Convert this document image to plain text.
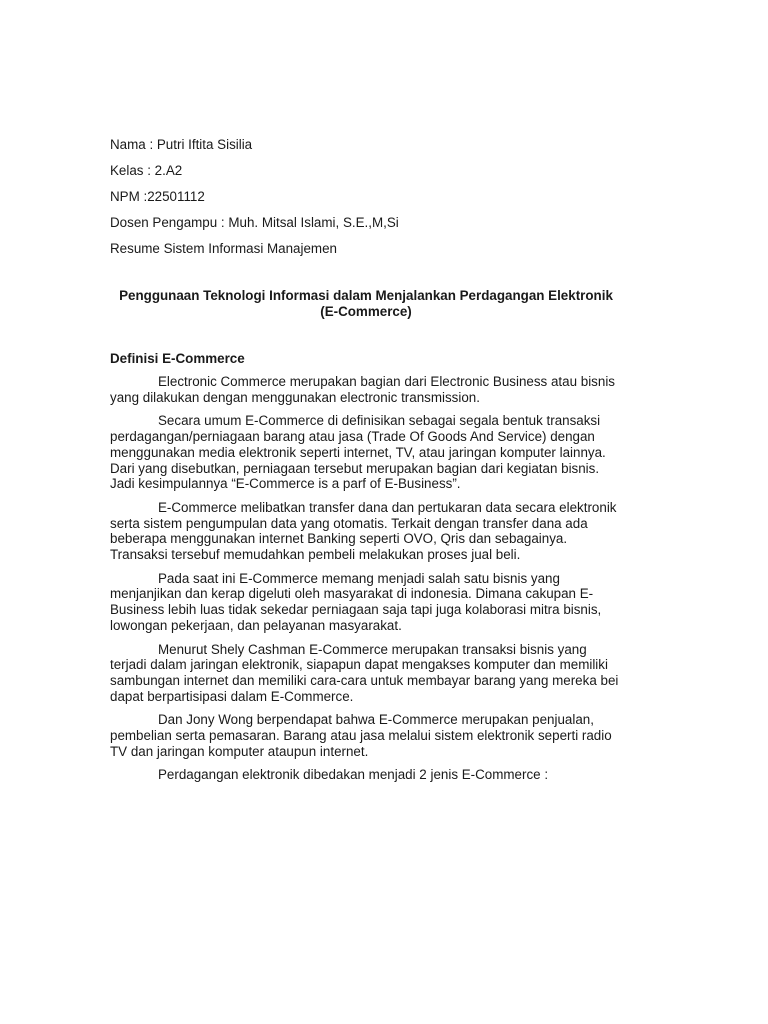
Nama : Putri Iftita Sisilia
Kelas : 2.A2
NPM :22501112
Dosen Pengampu : Muh. Mitsal Islami, S.E.,M,Si
Resume Sistem Informasi Manajemen
Penggunaan Teknologi Informasi dalam Menjalankan Perdagangan Elektronik (E-Commerce)
Definisi E-Commerce

Electronic Commerce merupakan bagian dari Electronic Business atau bisnis yang dilakukan dengan menggunakan electronic transmission.

Secara umum E-Commerce di definisikan sebagai segala bentuk transaksi perdagangan/perniagaan barang atau jasa (Trade Of Goods And Service) dengan menggunakan media elektronik seperti internet, TV, atau jaringan komputer lainnya. Dari yang disebutkan, perniagaan tersebut merupakan bagian dari kegiatan bisnis. Jadi kesimpulannya “E-Commerce is a parf of E-Business”.

E-Commerce melibatkan transfer dana dan pertukaran data secara elektronik serta sistem pengumpulan data yang otomatis. Terkait dengan transfer dana ada beberapa menggunakan internet Banking seperti OVO, Qris dan sebagainya. Transaksi tersebuf memudahkan pembeli melakukan proses jual beli.

Pada saat ini E-Commerce memang menjadi salah satu bisnis yang menjanjikan dan kerap digeluti oleh masyarakat di indonesia. Dimana cakupan E-Business lebih luas tidak sekedar perniagaan saja tapi juga kolaborasi mitra bisnis, lowongan pekerjaan, dan pelayanan masyarakat.

Menurut Shely Cashman E-Commerce merupakan transaksi bisnis yang terjadi dalam jaringan elektronik, siapapun dapat mengakses komputer dan memiliki sambungan internet dan memiliki cara-cara untuk membayar barang yang mereka bei dapat berpartisipasi dalam E-Commerce.

Dan Jony Wong berpendapat bahwa E-Commerce merupakan penjualan, pembelian serta pemasaran. Barang atau jasa melalui sistem elektronik seperti radio TV dan jaringan komputer ataupun internet.

Perdagangan elektronik dibedakan menjadi 2 jenis E-Commerce :
